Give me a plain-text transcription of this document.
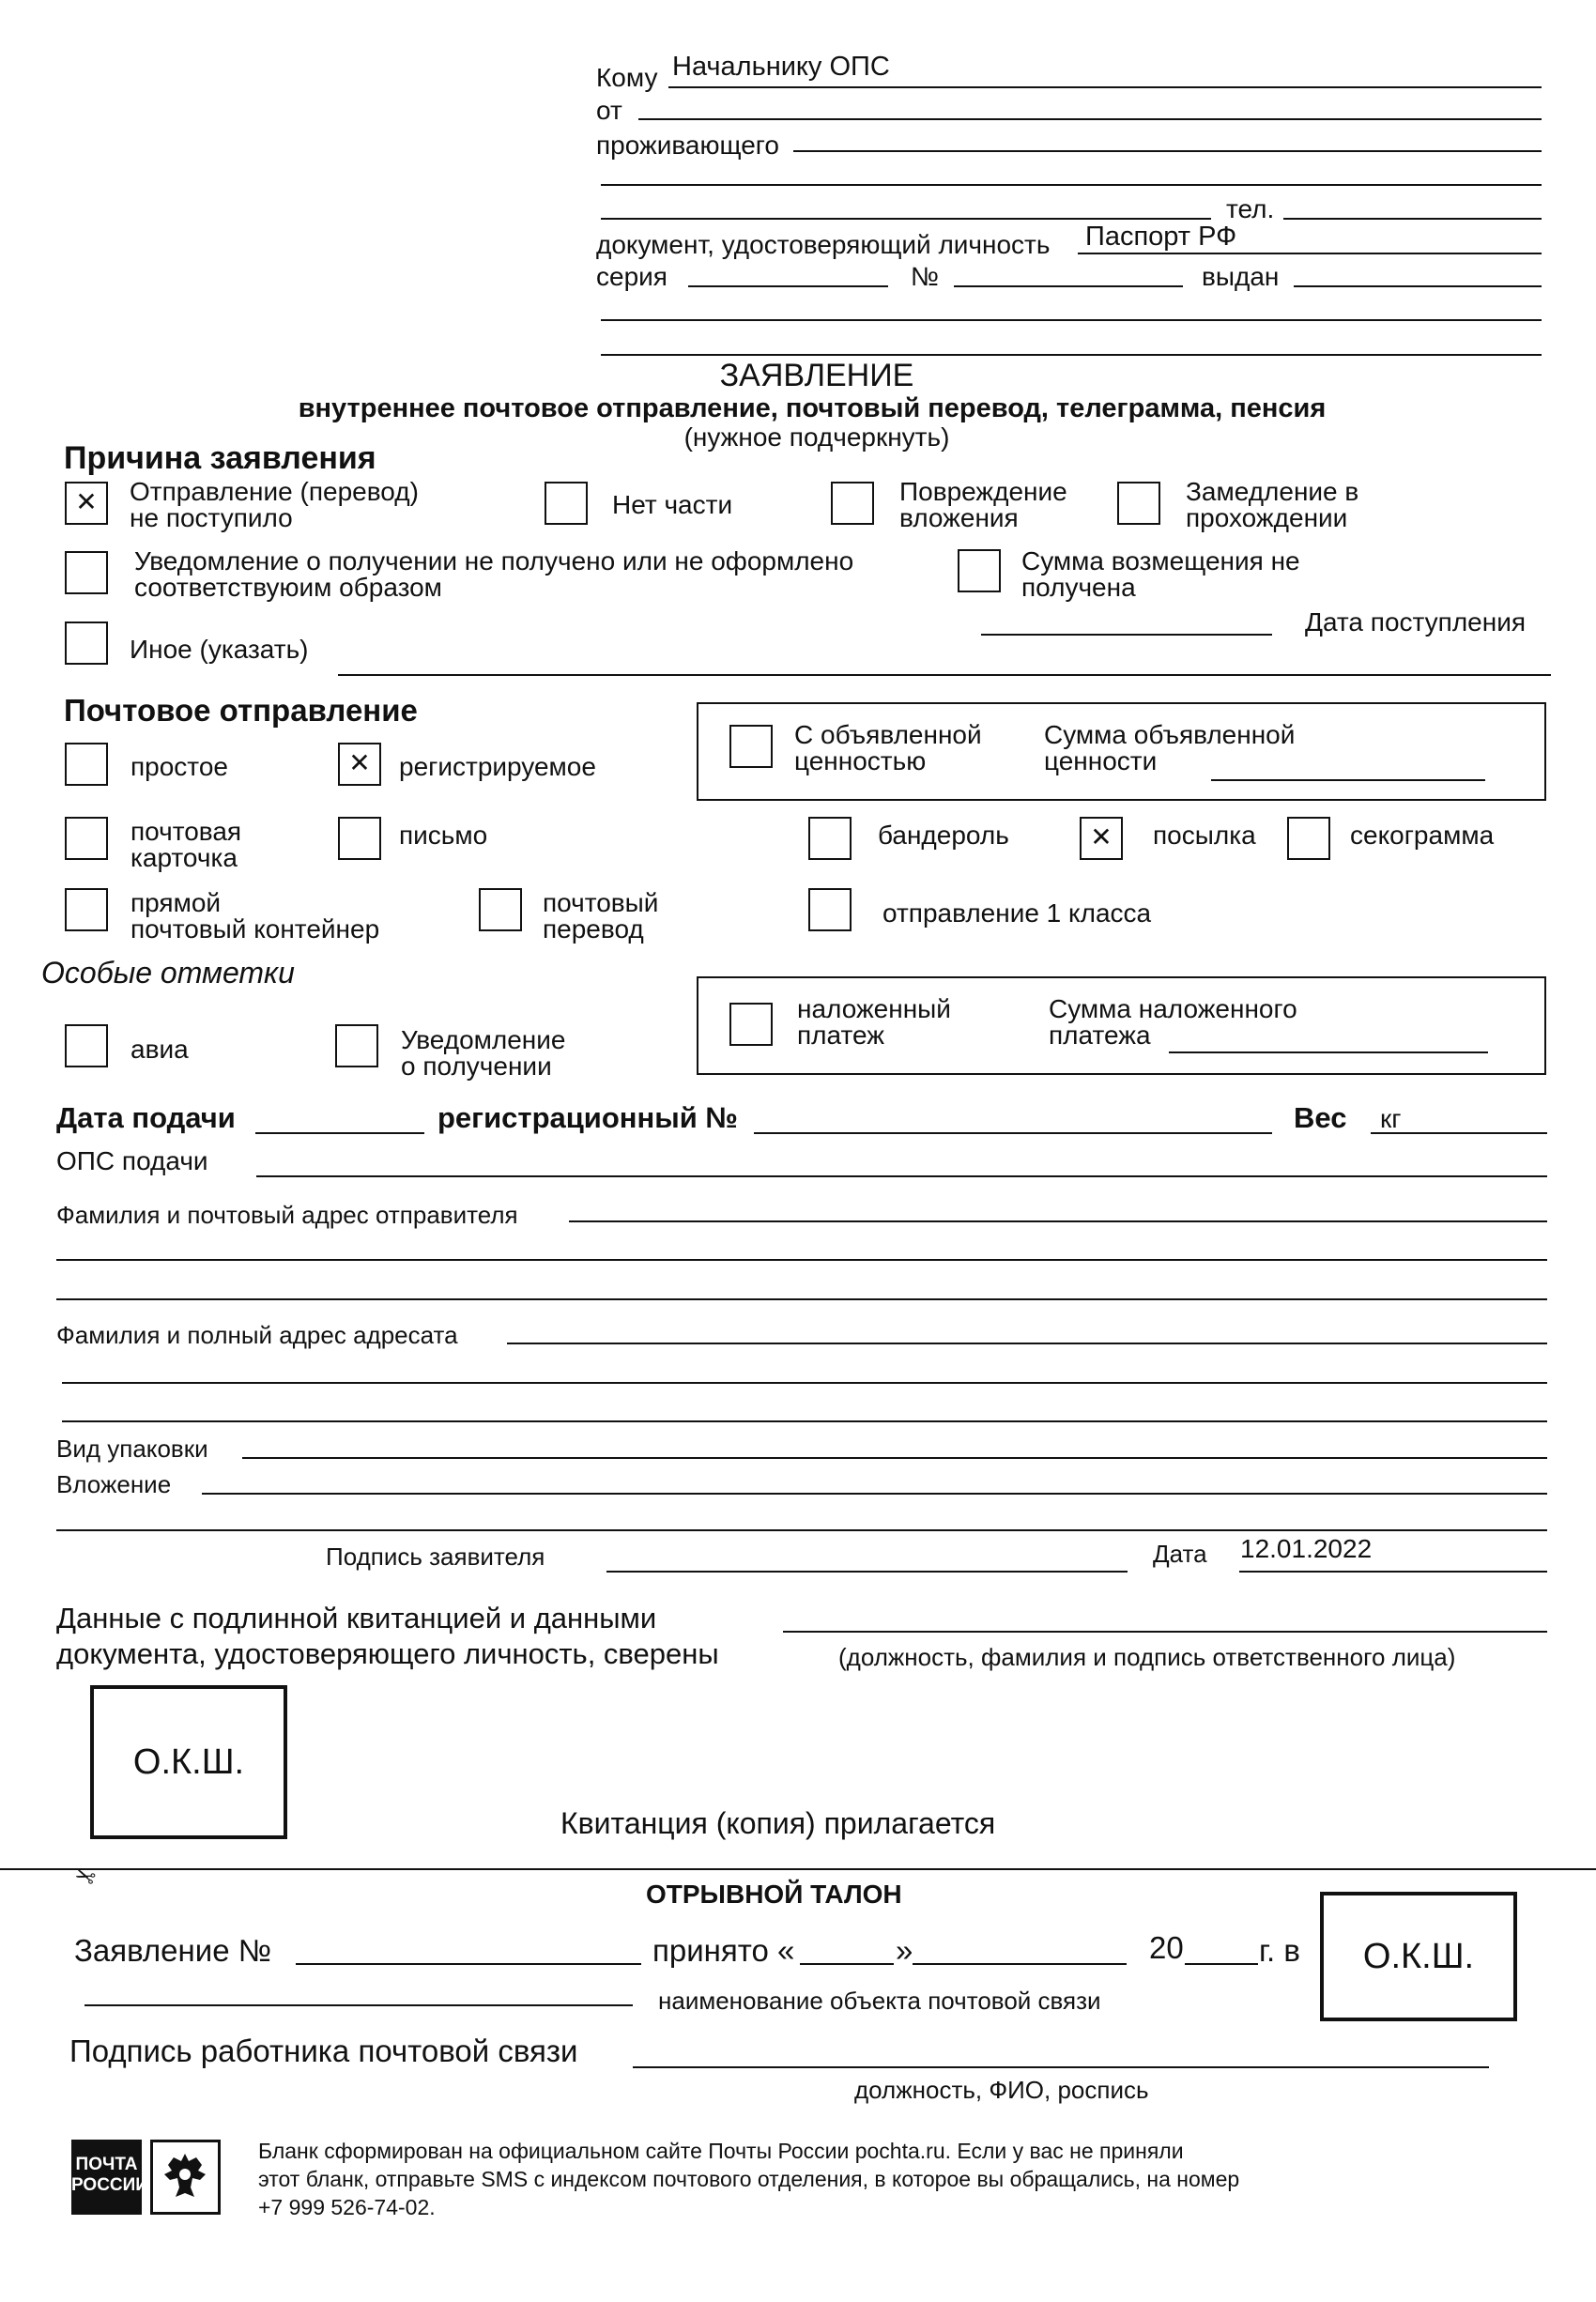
Кому Начальнику ОПС
от
проживающего
тел.
документ, удостоверяющий личность Паспорт РФ
серия	№	выдан
ЗАЯВЛЕНИЕ
внутреннее почтовое отправление, почтовый перевод, телеграмма, пенсия
(нужное подчеркнуть)
Причина заявления
✕	Отправление (перевод)
не поступило	Нет части	Повреждение
вложения
Замедление в
прохождении
Уведомление о получении не получено или не оформлено
соответствуюим образом
Сумма возмещения не
получена
Дата поступления
Иное (указать)
Почтовое отправление
простое	✕	регистрируемое
С объявленной
ценностью
Сумма объявленной
ценности
почтовая
карточка
письмо	бандероль	✕	посылка	секограмма
прямой
почтовый контейнер
почтовый
перевод
отправление 1 класса
Особые отметки
авиа	Уведомление
о получении
наложенный
платеж
Сумма наложенного
платежа
Дата подачи	регистрационный №	Вес кг
ОПС подачи
Фамилия и почтовый адрес отправителя
Фамилия и полный адрес адресата
Вид упаковки
Вложение
Подпись заявителя	Дата 12.01.2022
Данные с подлинной квитанцией и данными
документа, удостоверяющего личность, сверены	(должность, фамилия и подпись ответственного лица)
О.К.Ш.
Квитанция (копия) прилагается
✂
ОТРЫВНОЙ ТАЛОН
Заявление №	принято «	»	20 г. в
наименование объекта почтовой связи
Подпись работника почтовой связи
должность, ФИО, роспись
О.К.Ш.
ПОЧТА
РОССИИ
Бланк сформирован на официальном сайте Почты России pochta.ru. Если у вас не приняли
этот бланк, отправьте SMS с индексом почтового отделения, в которое вы обращались, на номер
+7 999 526-74-02.
